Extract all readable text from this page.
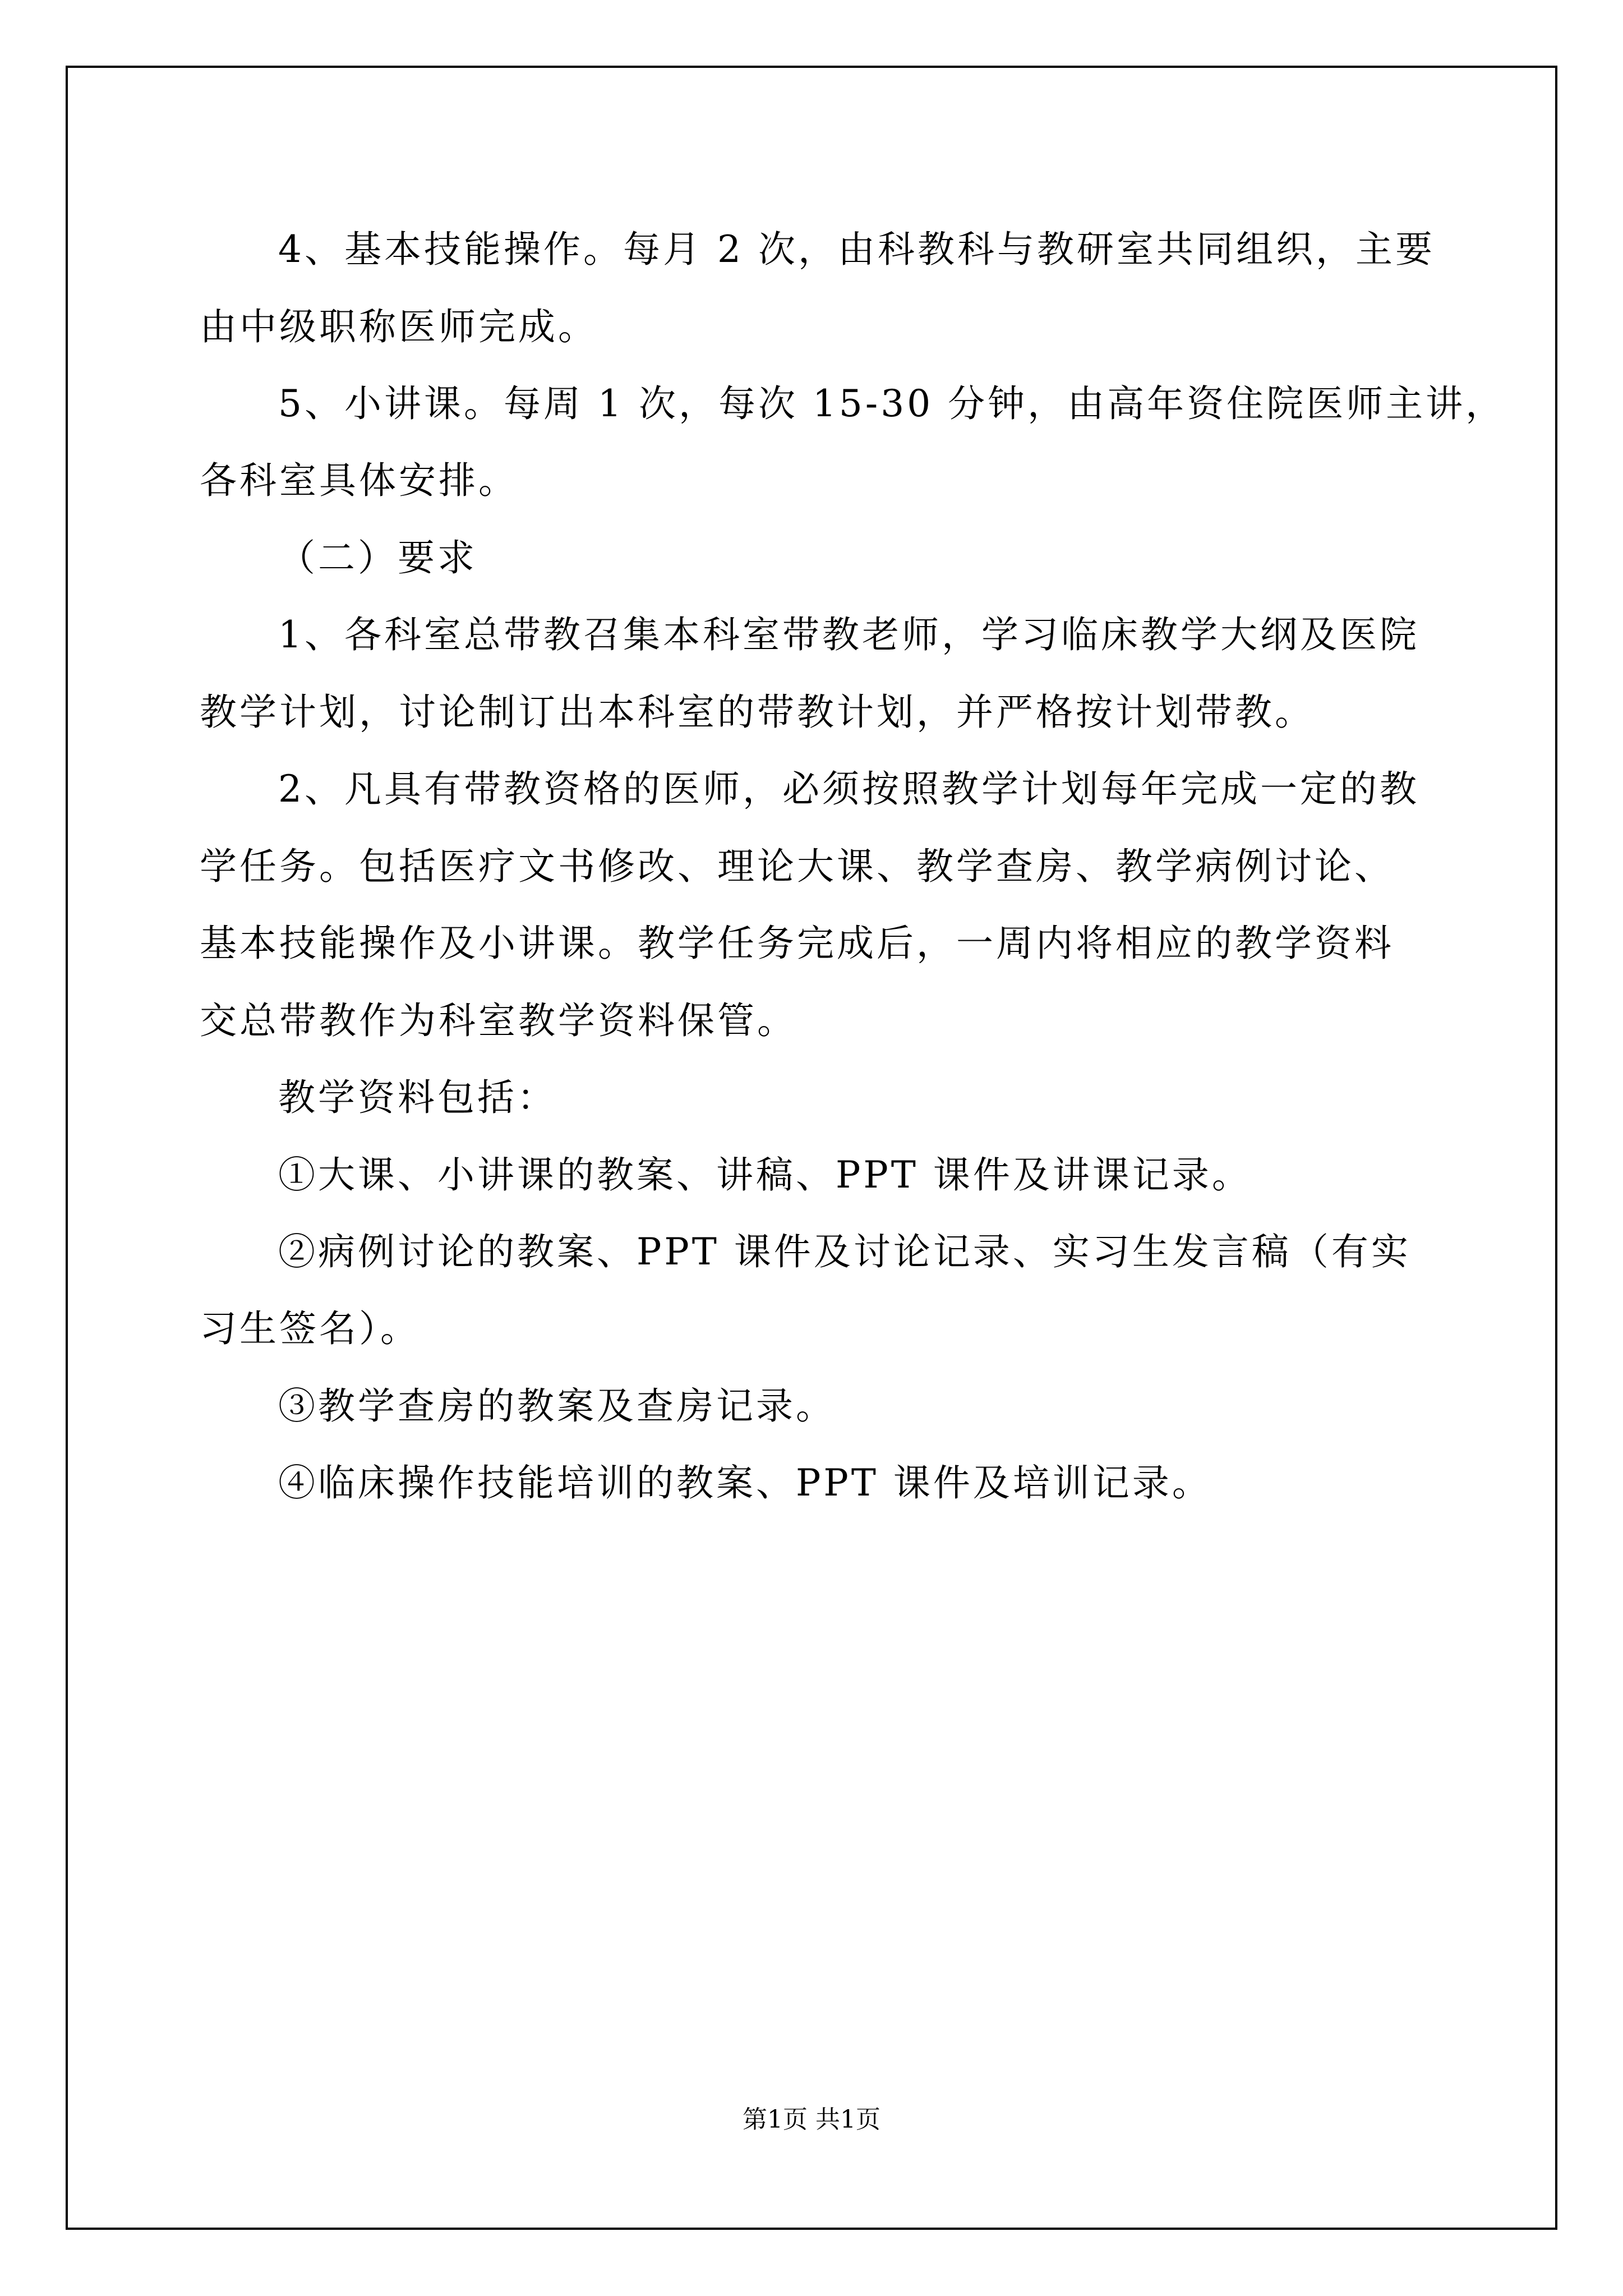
4、基本技能操作。每月 2 次，由科教科与教研室共同组织，主要
由中级职称医师完成。
5、小讲课。每周 1 次，每次 15-30 分钟，由高年资住院医师主讲，
各科室具体安排。
（二）要求
1、各科室总带教召集本科室带教老师，学习临床教学大纲及医院
教学计划，讨论制订出本科室的带教计划，并严格按计划带教。
2、凡具有带教资格的医师，必须按照教学计划每年完成一定的教
学任务。包括医疗文书修改、理论大课、教学查房、教学病例讨论、
基本技能操作及小讲课。教学任务完成后，一周内将相应的教学资料
交总带教作为科室教学资料保管。
教学资料包括：
①大课、小讲课的教案、讲稿、PPT 课件及讲课记录。
②病例讨论的教案、PPT 课件及讨论记录、实习生发言稿（有实
习生签名）。
③教学查房的教案及查房记录。
④临床操作技能培训的教案、PPT 课件及培训记录。
第1页 共1页
